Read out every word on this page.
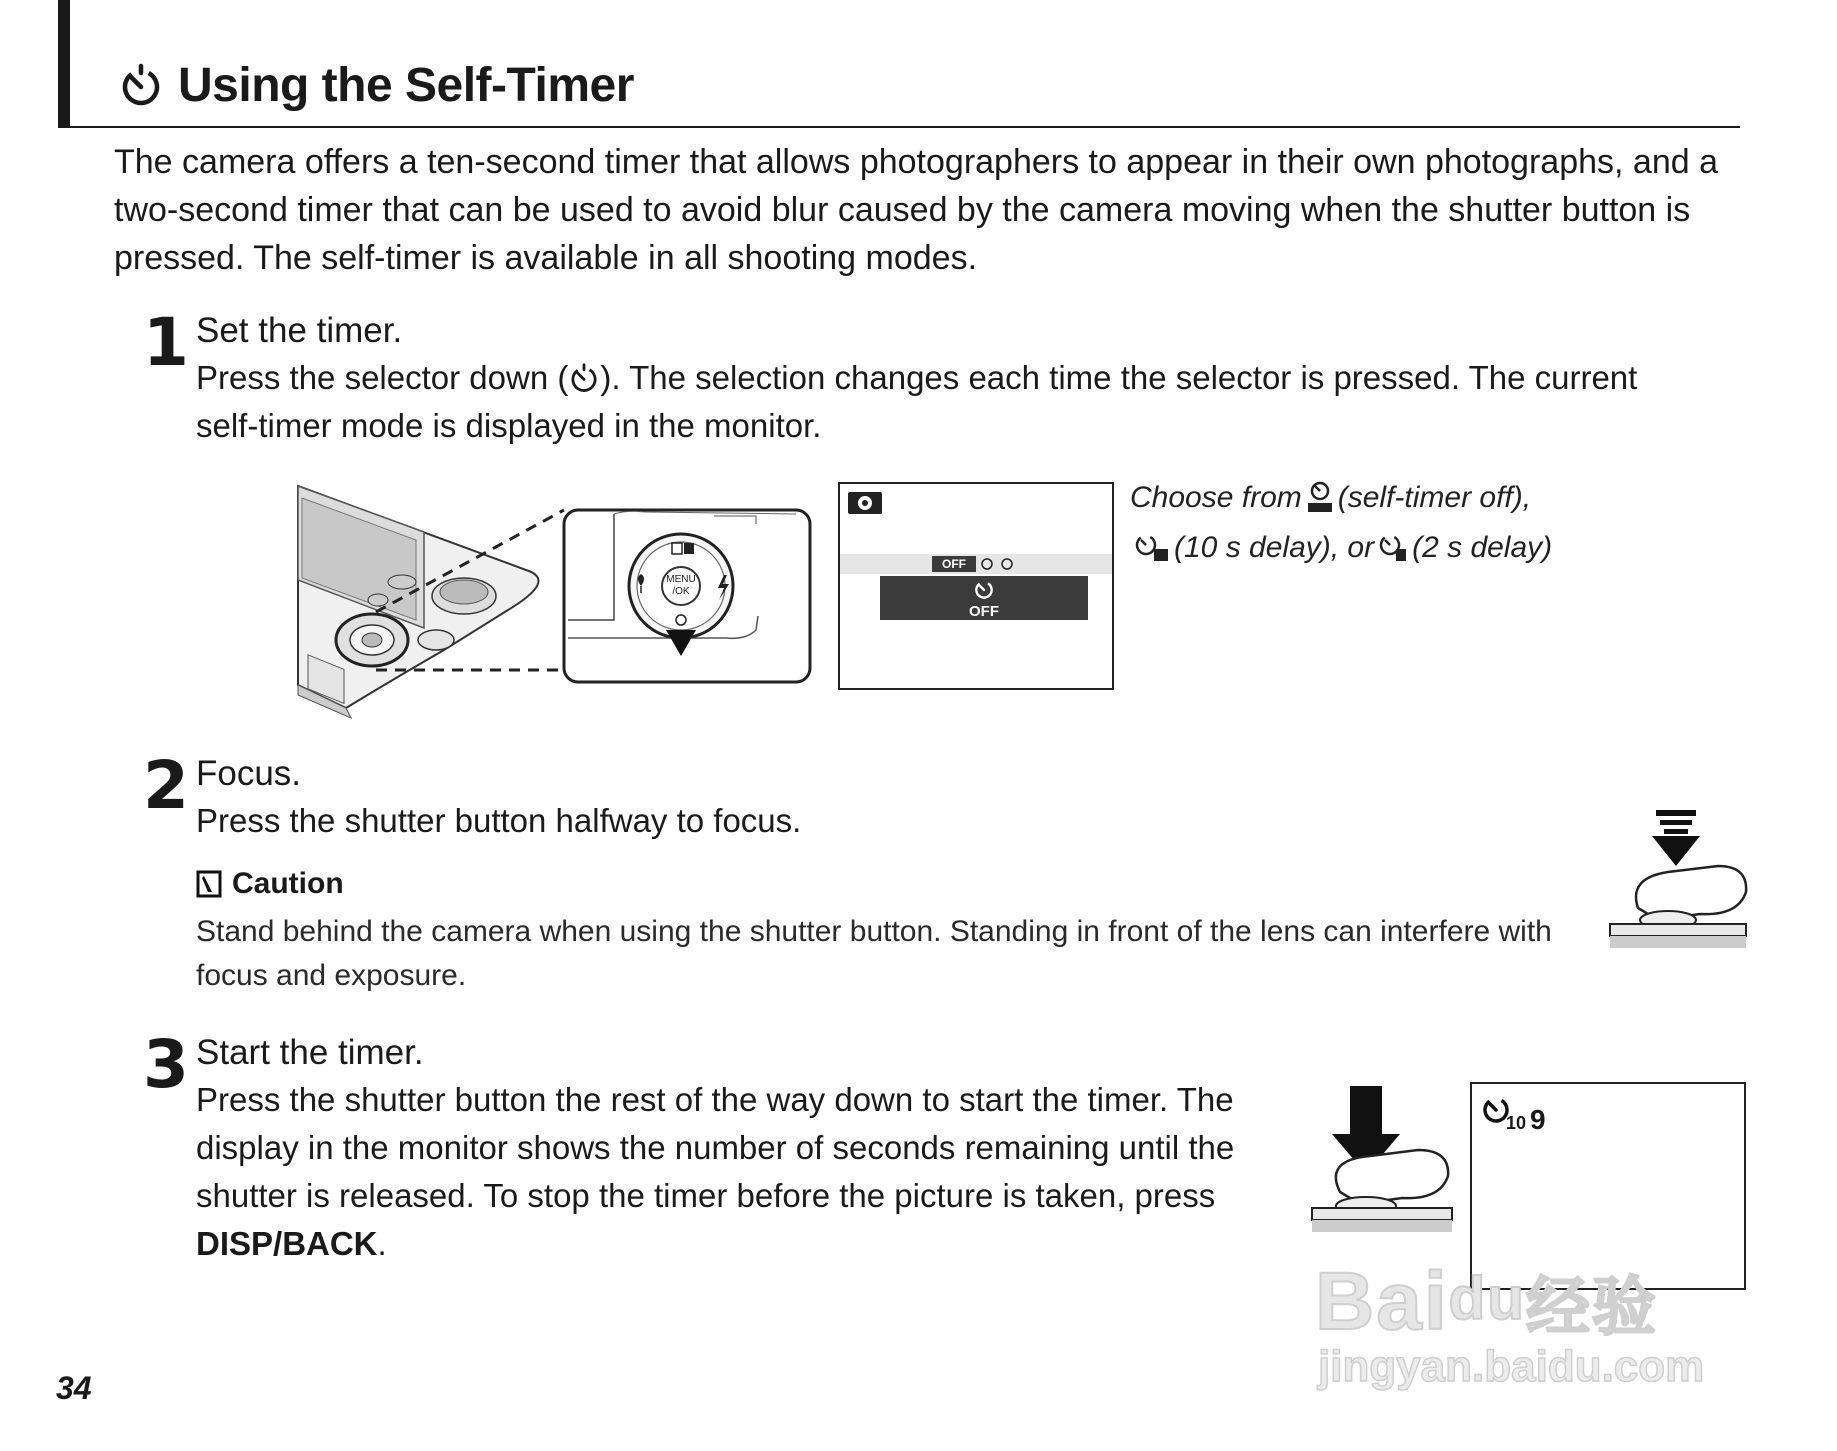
Using the Self-Timer
The camera offers a ten-second timer that allows photographers to appear in their own photographs, and a two-second timer that can be used to avoid blur caused by the camera moving when the shutter button is pressed. The self-timer is available in all shooting modes.
1 Set the timer.
Press the selector down ( ). The selection changes each time the selector is pressed. The current self-timer mode is displayed in the monitor.
MENU
/OK
OFF
OFF
Choose from (self-timer off),
(10 s delay), or (2 s delay)
2 Focus.
Press the shutter button halfway to focus.
Caution
Stand behind the camera when using the shutter button. Standing in front of the lens can interfere with focus and exposure.
3 Start the timer.
Press the shutter button the rest of the way down to start the timer. The display in the monitor shows the number of seconds remaining until the shutter is released. To stop the timer before the picture is taken, press DISP/BACK.
10 9
Baidu经验
jingyan.baidu.com
34
